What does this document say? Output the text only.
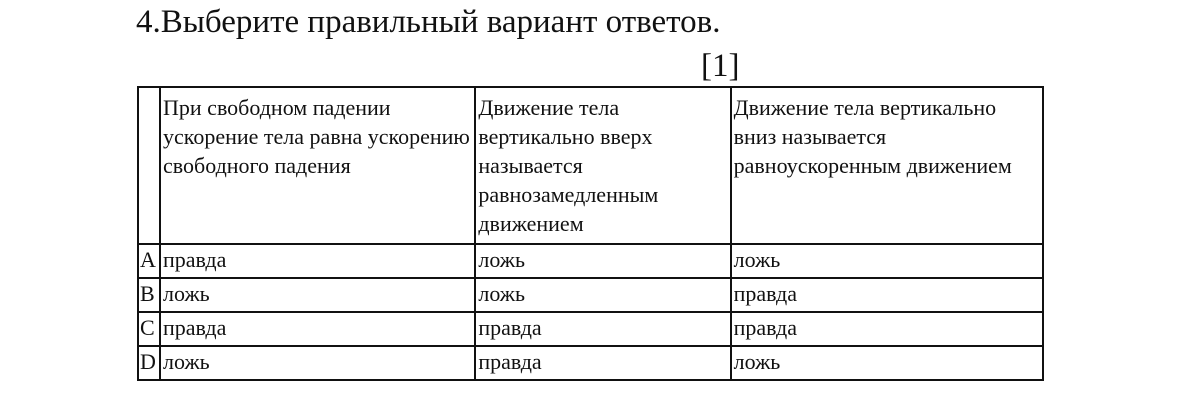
4.Выберите правильный вариант ответов.
[1]
	При свободном падении ускорение тела равна ускорению свободного падения	Движение тела вертикально вверх называется равнозамедленным движением	Движение тела вертикально вниз называется равноускоренным движением
A	правда	ложь	ложь
B	ложь	ложь	правда
C	правда	правда	правда
D	ложь	правда	ложь
